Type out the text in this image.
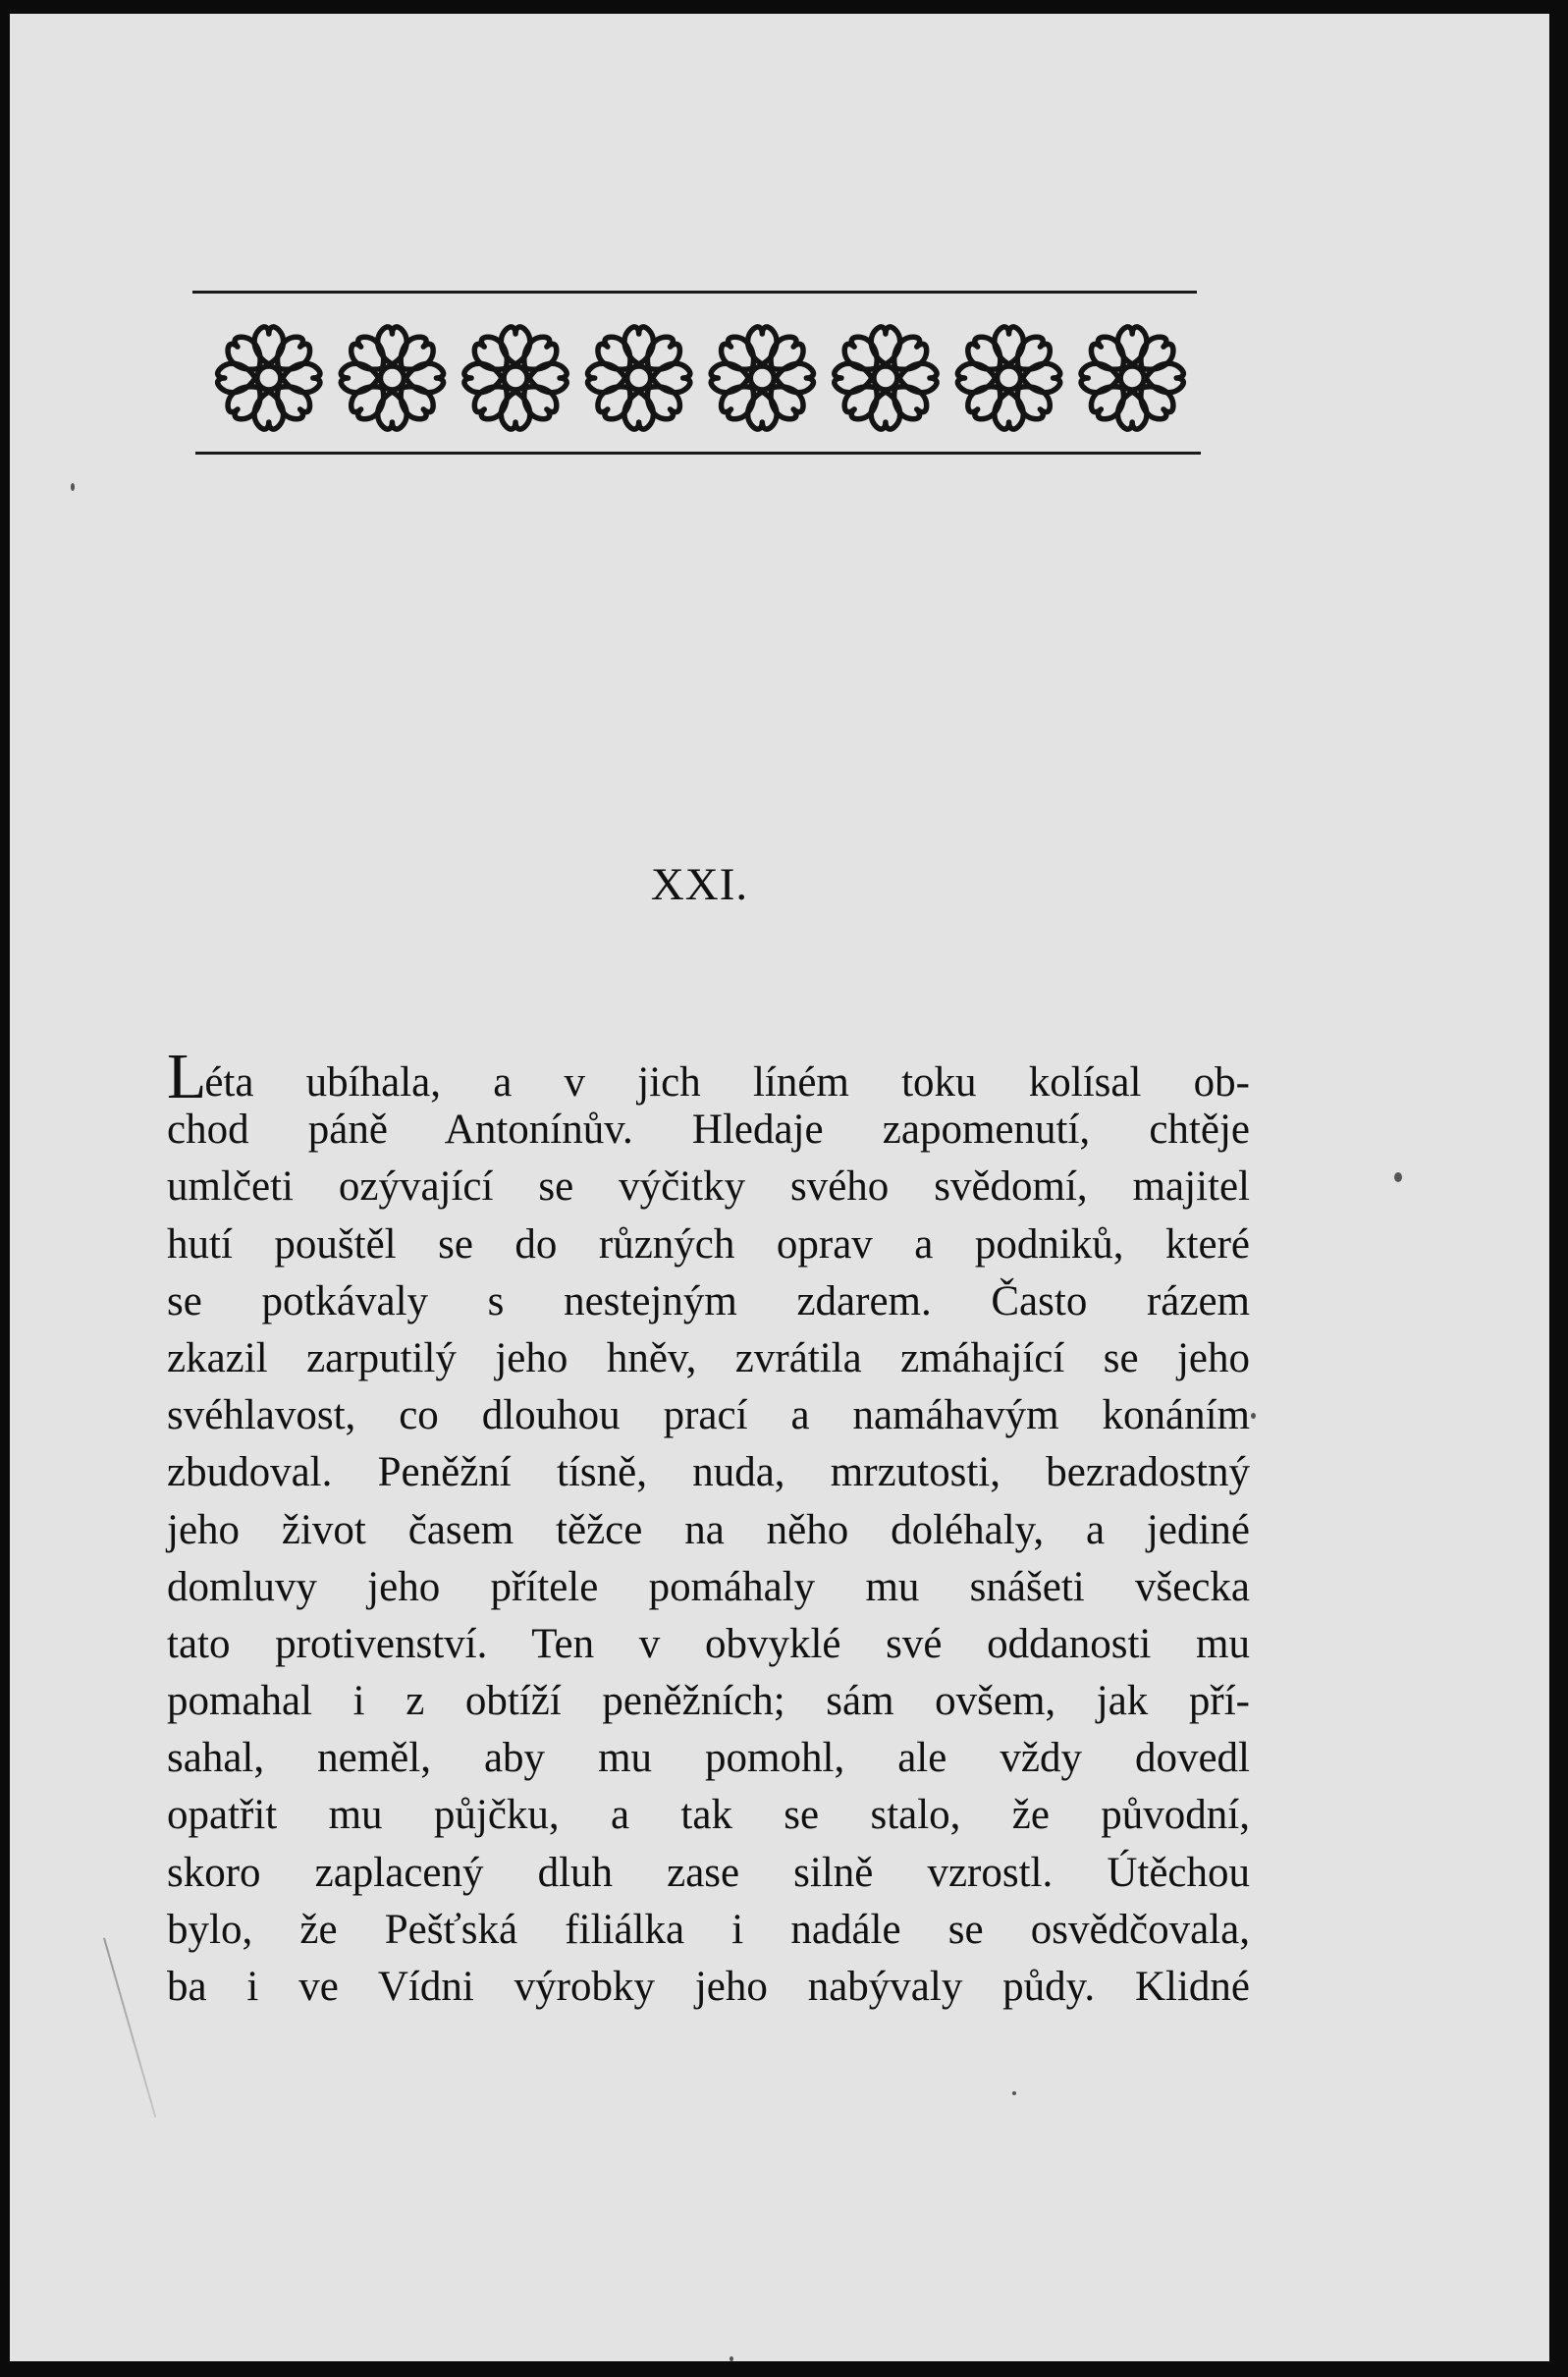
XXI.
Léta ubíhala, a v jich líném toku kolísal ob-
chod páně Antonínův. Hledaje zapomenutí, chtěje
umlčeti ozývající se výčitky svého svědomí, majitel
hutí pouštěl se do různých oprav a podniků, které
se potkávaly s nestejným zdarem. Často rázem
zkazil zarputilý jeho hněv, zvrátila zmáhající se jeho
svéhlavost, co dlouhou prací a namáhavým konáním
zbudoval. Peněžní tísně, nuda, mrzutosti, bezradostný
jeho život časem těžce na něho doléhaly, a jediné
domluvy jeho přítele pomáhaly mu snášeti všecka
tato protivenství. Ten v obvyklé své oddanosti mu
pomahal i z obtíží peněžních; sám ovšem, jak pří-
sahal, neměl, aby mu pomohl, ale vždy dovedl
opatřit mu půjčku, a tak se stalo, že původní,
skoro zaplacený dluh zase silně vzrostl. Útěchou
bylo, že Pešťská filiálka i nadále se osvědčovala,
ba i ve Vídni výrobky jeho nabývaly půdy. Klidné
